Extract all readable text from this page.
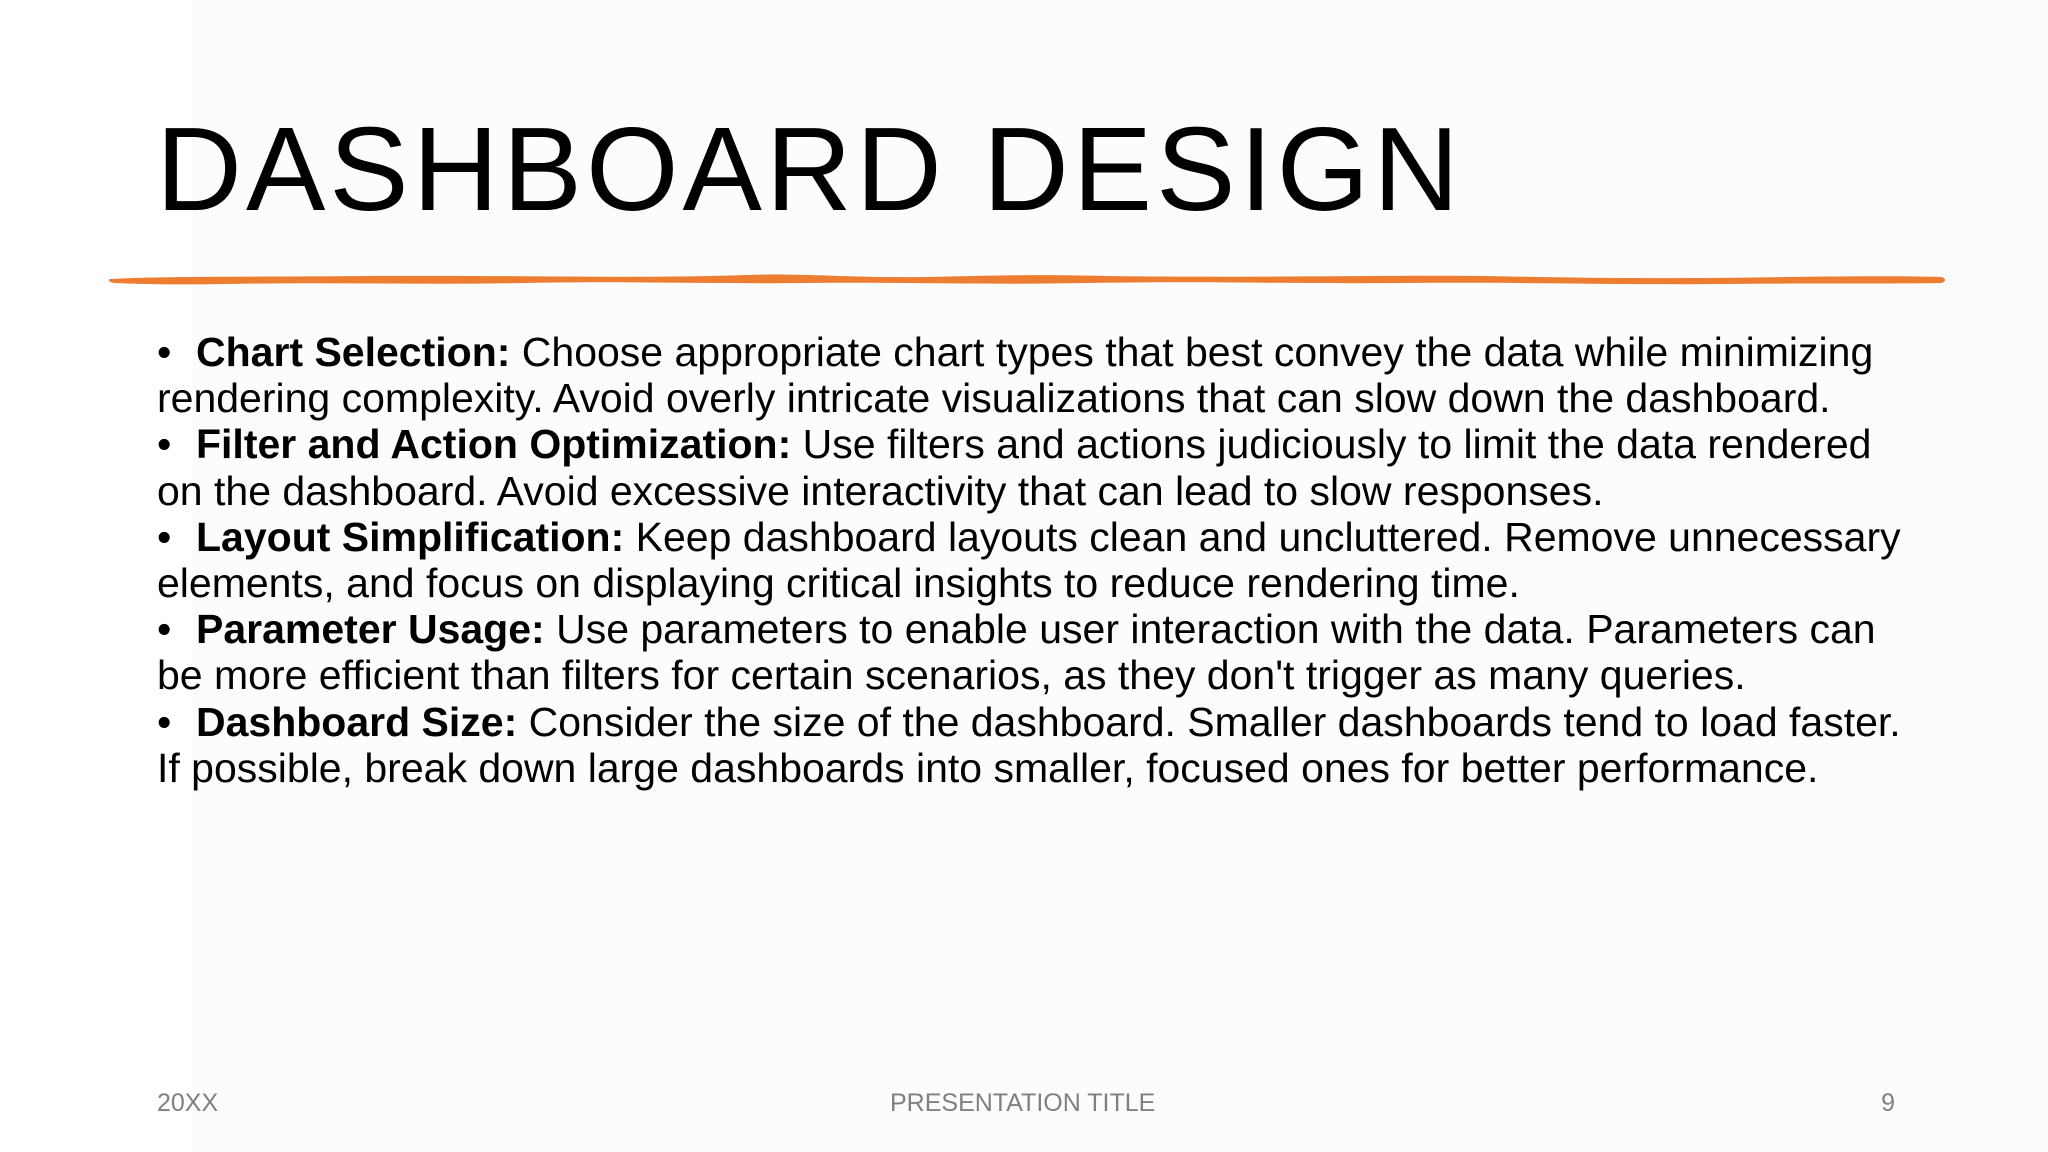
DASHBOARD DESIGN

• Chart Selection: Choose appropriate chart types that best convey the data while minimizing rendering complexity. Avoid overly intricate visualizations that can slow down the dashboard.

• Filter and Action Optimization: Use filters and actions judiciously to limit the data rendered on the dashboard. Avoid excessive interactivity that can lead to slow responses.

• Layout Simplification: Keep dashboard layouts clean and uncluttered. Remove unnecessary elements, and focus on displaying critical insights to reduce rendering time.

• Parameter Usage: Use parameters to enable user interaction with the data. Parameters can be more efficient than filters for certain scenarios, as they don't trigger as many queries.

• Dashboard Size: Consider the size of the dashboard. Smaller dashboards tend to load faster. If possible, break down large dashboards into smaller, focused ones for better performance.

20XX	PRESENTATION TITLE	9
